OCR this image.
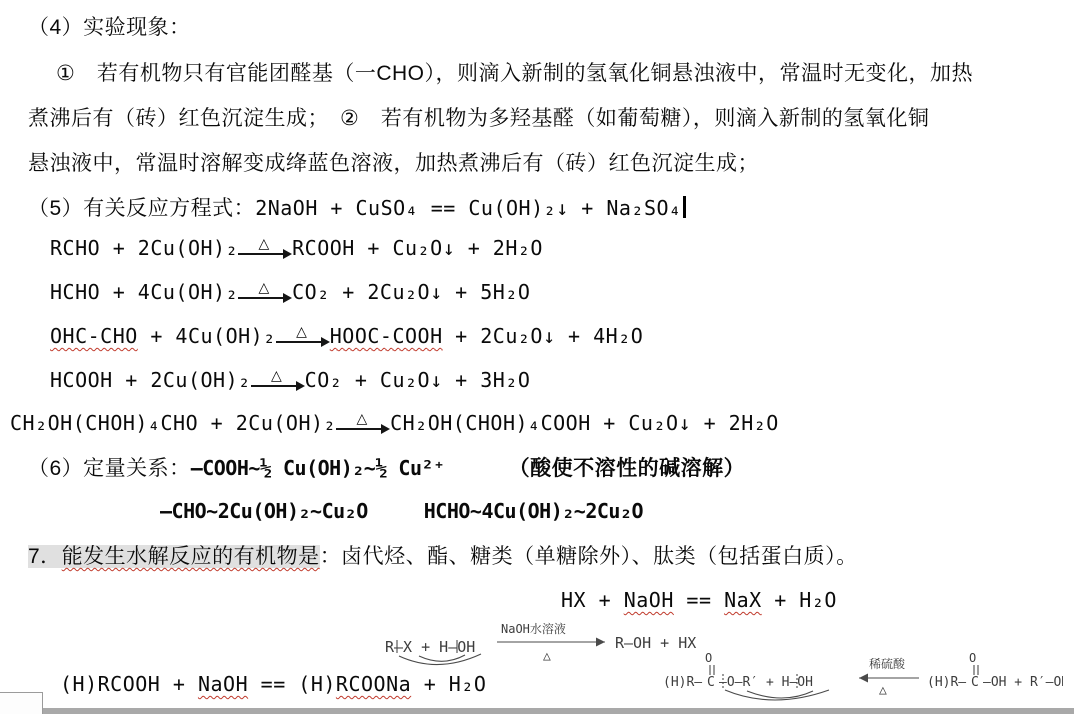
（4）实验现象：
①　若有机物只有官能团醛基（一CHO），则滴入新制的氢氧化铜悬浊液中，常温时无变化，加热
煮沸后有（砖）红色沉淀生成；　②　若有机物为多羟基醛（如葡萄糖），则滴入新制的氢氧化铜
悬浊液中，常温时溶解变成绛蓝色溶液，加热煮沸后有（砖）红色沉淀生成；
（5）有关反应方程式：2NaOH + CuSO₄ == Cu(OH)₂↓ + Na₂SO₄
RCHO + 2Cu(OH)₂ △ RCOOH + Cu₂O↓ + 2H₂O
HCHO + 4Cu(OH)₂ △ CO₂ + 2Cu₂O↓ + 5H₂O
OHC-CHO + 4Cu(OH)₂ △ HOOC-COOH + 2Cu₂O↓ + 4H₂O
HCOOH + 2Cu(OH)₂ △ CO₂ + Cu₂O↓ + 3H₂O
CH₂OH(CHOH)₄CHO + 2Cu(OH)₂ △ CH₂OH(CHOH)₄COOH + Cu₂O↓ + 2H₂O
（6）定量关系：—COOH~½ Cu(OH)₂~½ Cu²⁺	（酸使不溶性的碱溶解）
—CHO~2Cu(OH)₂~Cu₂O	HCHO~4Cu(OH)₂~2Cu₂O
7．能发生水解反应的有机物是：卤代烃、酯、糖类（单糖除外）、肽类（包括蛋白质）。
HX + NaOH == NaX + H₂O
R—X + H—OH
NaOH水溶液
△
R—OH + HX
(H)RCOOH + NaOH == (H)RCOONa + H₂O	(H)R— C
O
—O—R′ + H—OH
稀硫酸
△
(H)R— C
O
—OH + R′—OH
